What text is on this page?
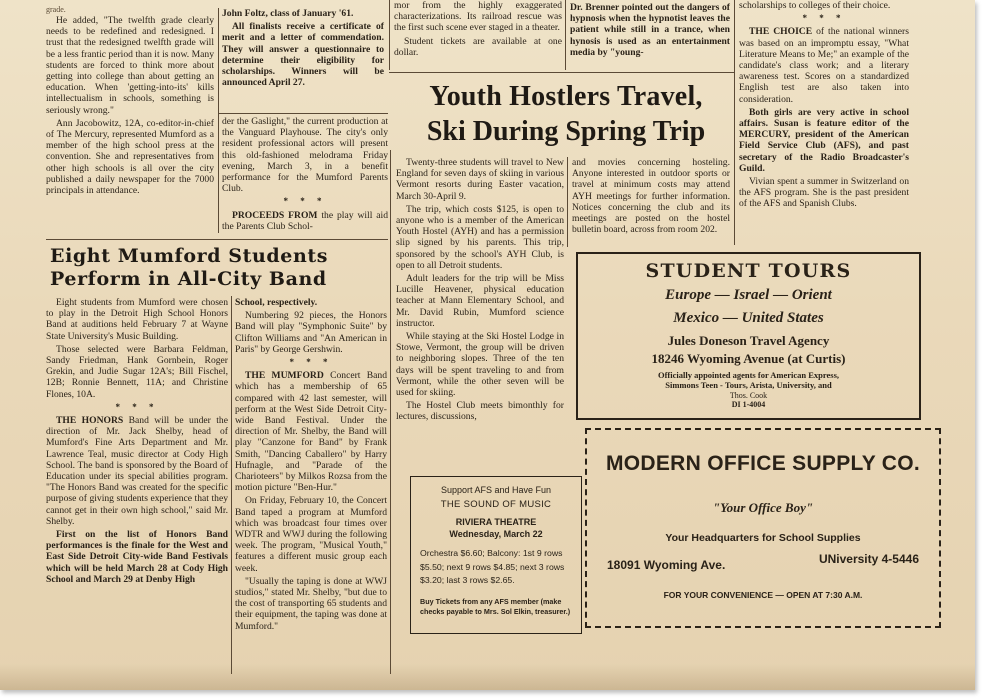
grade.

He added, "The twelfth grade clearly needs to be redefined and redesigned. I trust that the redesigned twelfth grade will be a less frantic period than it is now. Many students are forced to think more about getting into college than about getting an education. When 'getting-into-its' kills intellectualism in schools, something is seriously wrong."

Ann Jacobowitz, 12A, co-editor-in-chief of The Mercury, represented Mumford as a member of the high school press at the convention. She and representatives from other high schools is all over the city published a daily newspaper for the 7000 principals in attendance.

John Foltz, class of January '61.

All finalists receive a certificate of merit and a letter of commendation. They will answer a questionnaire to determine their eligibility for scholarships. Winners will be announced April 27.

der the Gaslight," the current production at the Vanguard Playhouse. The city's only resident professional actors will present this old-fashioned melodrama Friday evening, March 3, in a benefit performance for the Mumford Parents Club.

* * *

PROCEEDS FROM the play will aid the Parents Club Schol-

mor from the highly exaggerated characterizations. Its railroad rescue was the first such scene ever staged in a theater.

Student tickets are available at one dollar.

Dr. Brenner pointed out the dangers of hypnosis when the hypnotist leaves the patient while still in a trance, when hynosis is used as an entertainment media by "young-

scholarships to colleges of their choice.

* * *

THE CHOICE of the national winners was based on an impromptu essay, "What Literature Means to Me;" an example of the candidate's class work; and a literary awareness test. Scores on a standardized English test are also taken into consideration.

Both girls are very active in school affairs. Susan is feature editor of the MERCURY, president of the American Field Service Club (AFS), and past secretary of the Radio Broadcaster's Guild.

Vivian spent a summer in Switzerland on the AFS program. She is the past president of the AFS and Spanish Clubs.

Youth Hostlers Travel,
Ski During Spring Trip

Twenty-three students will travel to New England for seven days of skiing in various Vermont resorts during Easter vacation, March 30-April 9.

The trip, which costs $125, is open to anyone who is a member of the American Youth Hostel (AYH) and has a permission slip signed by his parents. This trip, sponsored by the school's AYH Club, is open to all Detroit students.

Adult leaders for the trip will be Miss Lucille Heavener, physical education teacher at Mann Elementary School, and Mr. David Rubin, Mumford science instructor.

While staying at the Ski Hostel Lodge in Stowe, Vermont, the group will be driven to neighboring slopes. Three of the ten days will be spent traveling to and from Vermont, while the other seven will be used for skiing.

The Hostel Club meets bimonthly for lectures, discussions,

and movies concerning hosteling. Anyone interested in outdoor sports or travel at minimum costs may attend AYH meetings for further information. Notices concerning the club and its meetings are posted on the hostel bulletin board, across from room 202.

Eight Mumford Students
Perform in All-City Band

Eight students from Mumford were chosen to play in the Detroit High School Honors Band at auditions held February 7 at Wayne State University's Music Building.

Those selected were Barbara Feldman, Sandy Friedman, Hank Gornbein, Roger Grekin, and Judie Sugar 12A's; Bill Fischel, 12B; Ronnie Bennett, 11A; and Christine Flones, 10A.

* * *

THE HONORS Band will be under the direction of Mr. Jack Shelby, head of Mumford's Fine Arts Department and Mr. Lawrence Teal, music director at Cody High School. The band is sponsored by the Board of Education under its special abilities program. "The Honors Band was created for the specific purpose of giving students experience that they cannot get in their own high school," said Mr. Shelby.

First on the list of Honors Band performances is the finale for the West and East Side Detroit City-wide Band Festivals which will be held March 28 at Cody High School and March 29 at Denby High

School, respectively.

Numbering 92 pieces, the Honors Band will play "Symphonic Suite" by Clifton Williams and "An American in Paris" by George Gershwin.

* * *

THE MUMFORD Concert Band which has a membership of 65 compared with 42 last semester, will perform at the West Side Detroit City-wide Band Festival. Under the direction of Mr. Shelby, the Band will play "Canzone for Band" by Frank Smith, "Dancing Caballero" by Harry Hufnagle, and "Parade of the Charioteers" by Milkos Rozsa from the motion picture "Ben-Hur."

On Friday, February 10, the Concert Band taped a program at Mumford which was broadcast four times over WDTR and WWJ during the following week. The program, "Musical Youth," features a different music group each week.

"Usually the taping is done at WWJ studios," stated Mr. Shelby, "but due to the cost of transporting 65 students and their equipment, the taping was done at Mumford."

Support AFS and Have Fun
THE SOUND OF MUSIC
RIVIERA THEATRE
Wednesday, March 22
Orchestra $6.60; Balcony: 1st 9 rows $5.50; next 9 rows $4.85; next 3 rows $3.20; last 3 rows $2.65.
Buy Tickets from any AFS member (make checks payable to Mrs. Sol Elkin, treasurer.)
STUDENT TOURS
Europe — Israel — Orient
Mexico — United States
Jules Doneson Travel Agency
18246 Wyoming Avenue (at Curtis)
Officially appointed agents for American Express,
Simmons Teen - Tours, Arista, University, and
Thos. Cook
DI 1-4004
MODERN OFFICE SUPPLY CO.
"Your Office Boy"
Your Headquarters for School Supplies
18091 Wyoming Ave.	UNiversity 4-5446
FOR YOUR CONVENIENCE — OPEN AT 7:30 A.M.
